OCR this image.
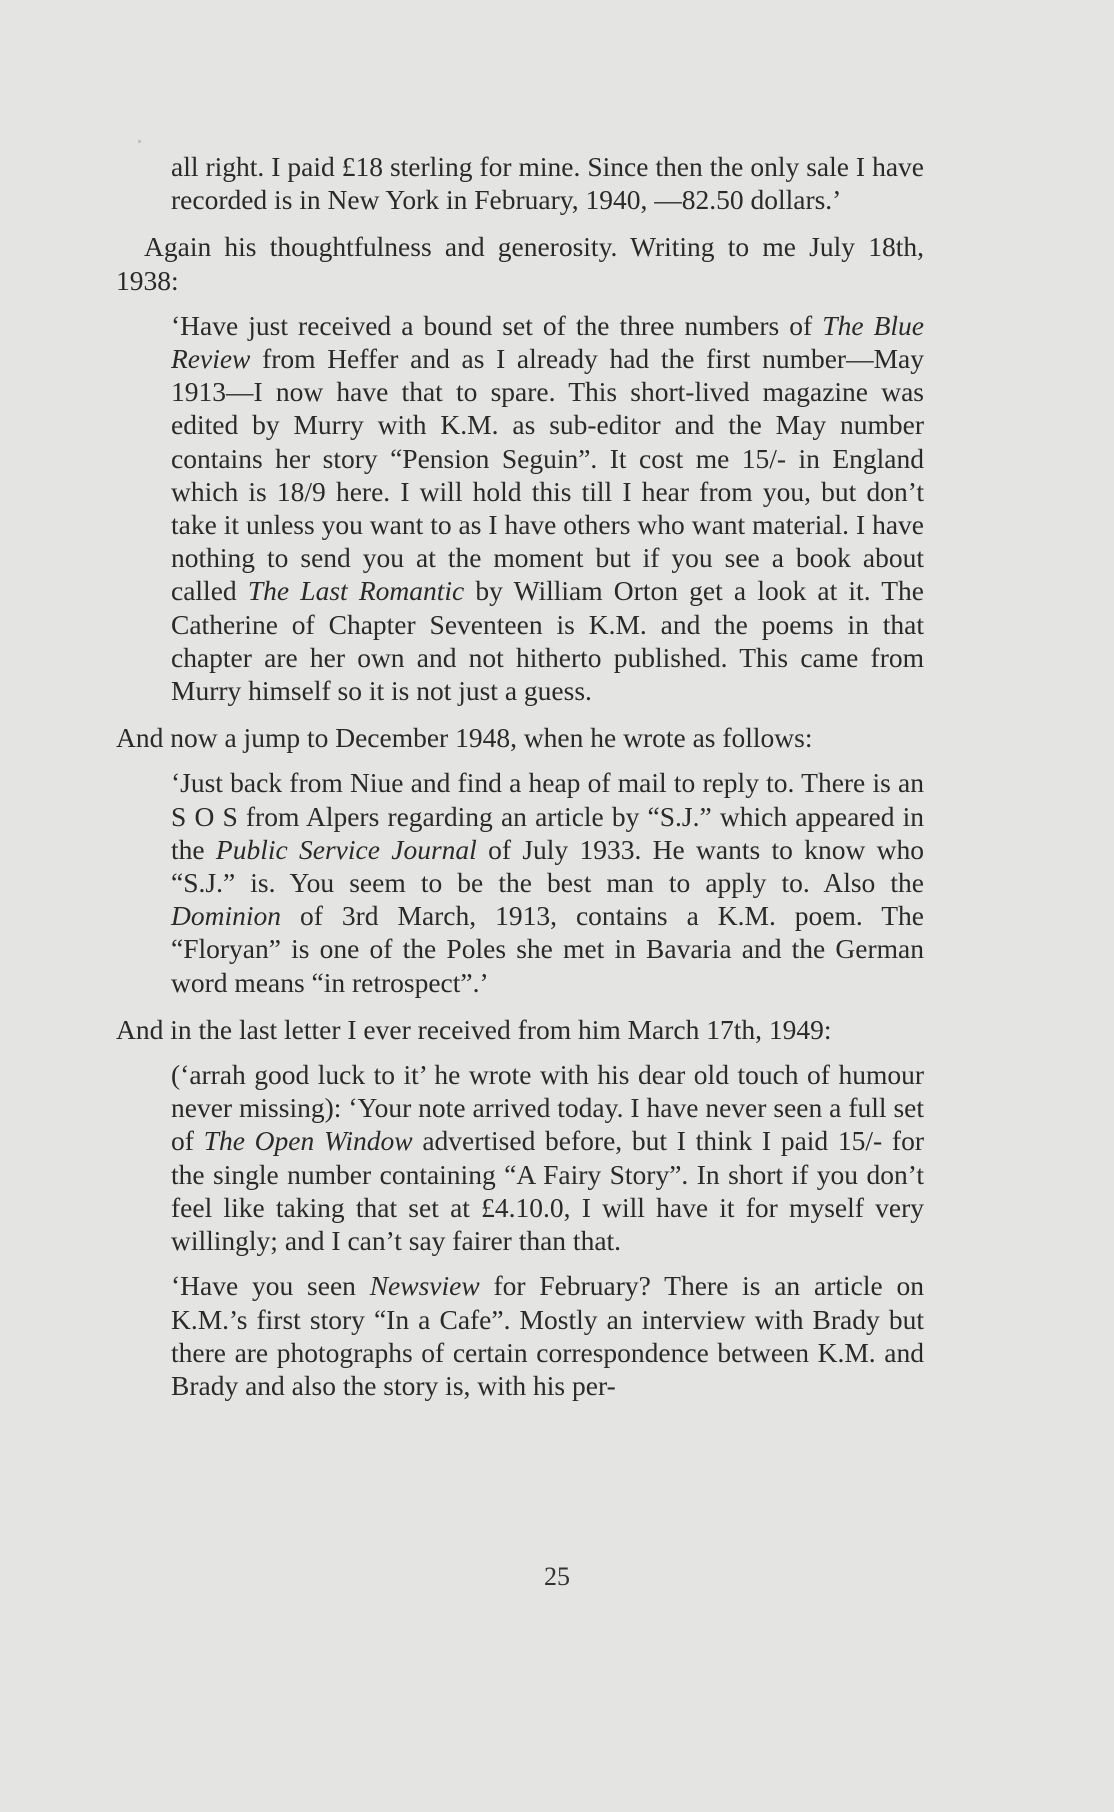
all right. I paid £18 sterling for mine. Since then the only sale I have recorded is in New York in February, 1940, —82.50 dollars.’

Again his thoughtfulness and generosity. Writing to me July 18th, 1938:

‘Have just received a bound set of the three numbers of The Blue Review from Heffer and as I already had the first number—May 1913—I now have that to spare. This short-lived magazine was edited by Murry with K.M. as sub-editor and the May number contains her story “Pension Seguin”. It cost me 15/- in England which is 18/9 here. I will hold this till I hear from you, but don’t take it unless you want to as I have others who want material. I have nothing to send you at the moment but if you see a book about called The Last Romantic by William Orton get a look at it. The Catherine of Chapter Seventeen is K.M. and the poems in that chapter are her own and not hitherto published. This came from Murry himself so it is not just a guess.

And now a jump to December 1948, when he wrote as follows:

‘Just back from Niue and find a heap of mail to reply to. There is an S O S from Alpers regarding an article by “S.J.” which appeared in the Public Service Journal of July 1933. He wants to know who “S.J.” is. You seem to be the best man to apply to. Also the Dominion of 3rd March, 1913, contains a K.M. poem. The “Floryan” is one of the Poles she met in Bavaria and the German word means “in retrospect”.’

And in the last letter I ever received from him March 17th, 1949:

(‘arrah good luck to it’ he wrote with his dear old touch of humour never missing): ‘Your note arrived today. I have never seen a full set of The Open Window advertised before, but I think I paid 15/- for the single number containing “A Fairy Story”. In short if you don’t feel like taking that set at £4.10.0, I will have it for myself very willingly; and I can’t say fairer than that.

‘Have you seen Newsview for February? There is an article on K.M.’s first story “In a Cafe”. Mostly an interview with Brady but there are photographs of certain correspondence between K.M. and Brady and also the story is, with his per-

25
